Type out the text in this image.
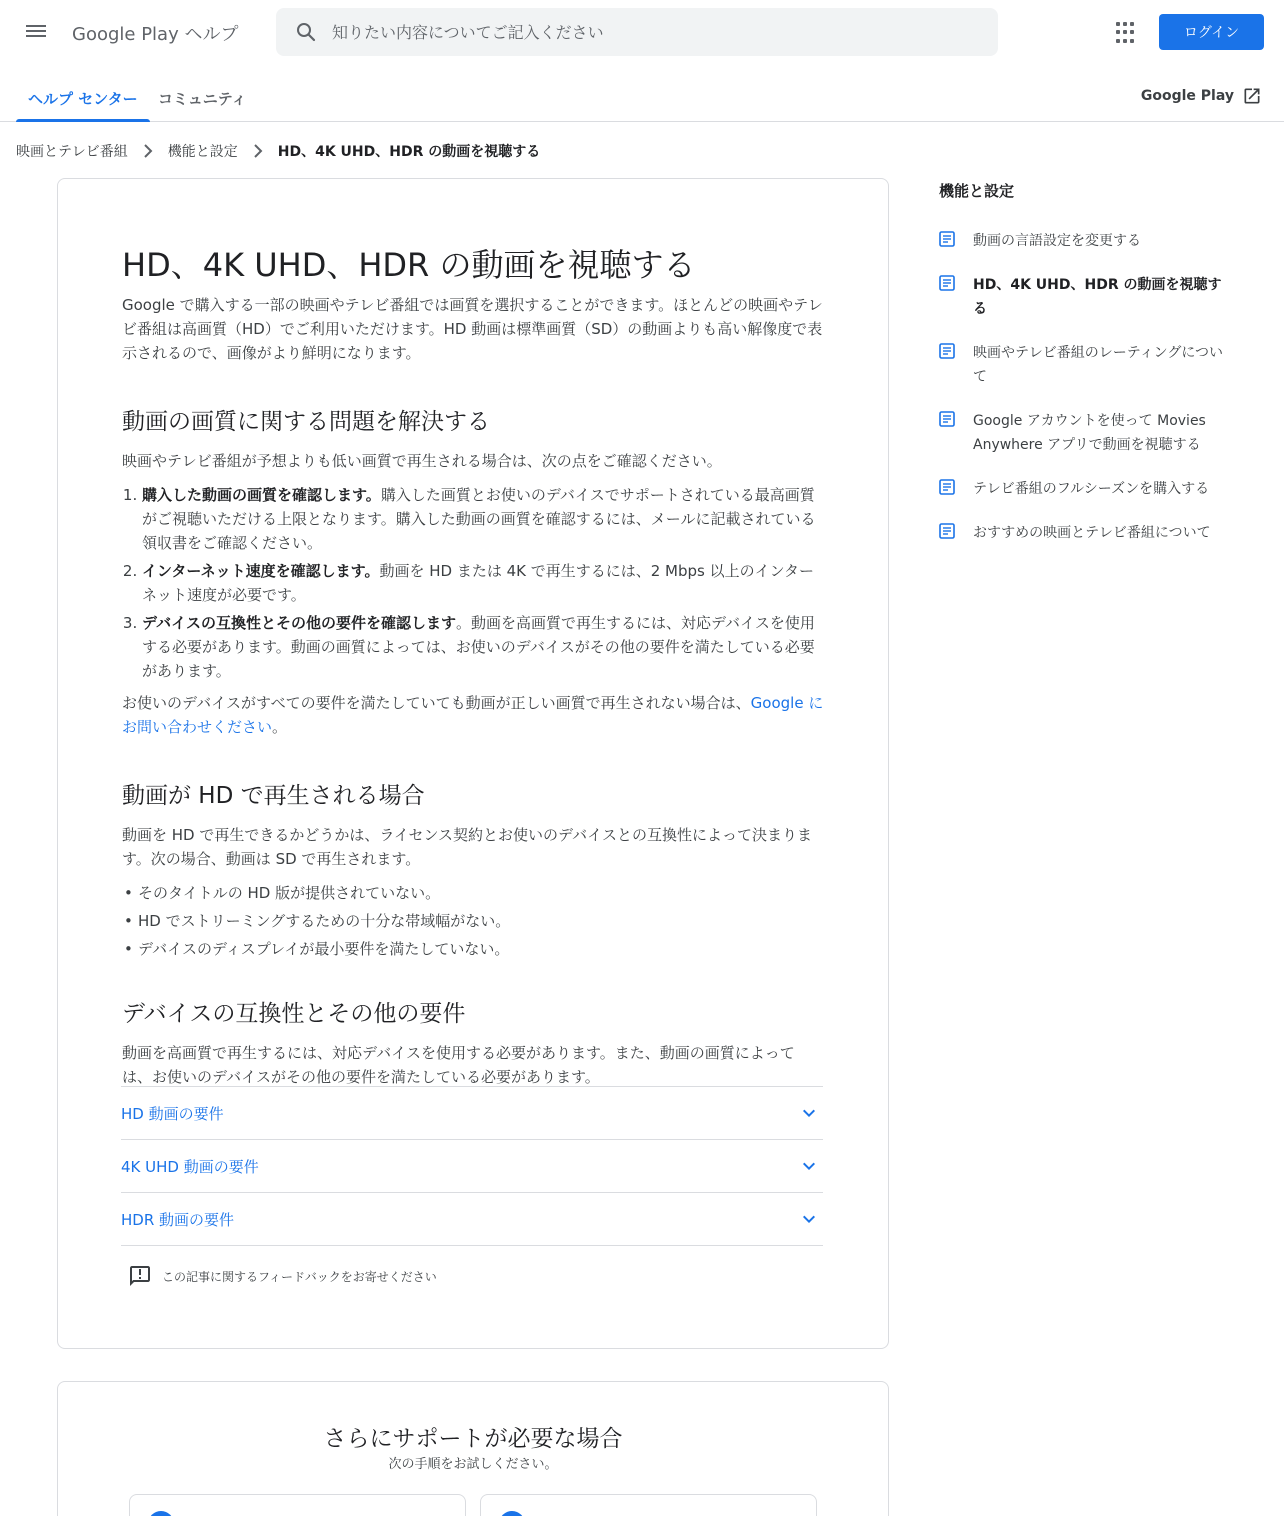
Google Play ヘルプ
知りたい内容についてご記入ください	ログイン
ヘルプ センター コミュニティ	Google Play
映画とテレビ番組	機能と設定	HD、4K UHD、HDR の動画を視聴する
HD、4K UHD、HDR の動画を視聴する

Google で購入する一部の映画やテレビ番組では画質を選択することができます。ほとんどの映画やテレビ番組は高画質（HD）でご利用いただけます。HD 動画は標準画質（SD）の動画よりも高い解像度で表示されるので、画像がより鮮明になります。

動画の画質に関する問題を解決する

映画やテレビ番組が予想よりも低い画質で再生される場合は、次の点をご確認ください。

1. 購入した動画の画質を確認します。購入した画質とお使いのデバイスでサポートされている最高画質がご視聴いただける上限となります。購入した動画の画質を確認するには、メールに記載されている領収書をご確認ください。
2. インターネット速度を確認します。動画を HD または 4K で再生するには、2 Mbps 以上のインターネット速度が必要です。
3. デバイスの互換性とその他の要件を確認します。動画を高画質で再生するには、対応デバイスを使用する必要があります。動画の画質によっては、お使いのデバイスがその他の要件を満たしている必要があります。

お使いのデバイスがすべての要件を満たしていても動画が正しい画質で再生されない場合は、Google にお問い合わせください。

動画が HD で再生される場合

動画を HD で再生できるかどうかは、ライセンス契約とお使いのデバイスとの互換性によって決まります。次の場合、動画は SD で再生されます。

• そのタイトルの HD 版が提供されていない。
• HD でストリーミングするための十分な帯域幅がない。
• デバイスのディスプレイが最小要件を満たしていない。
デバイスの互換性とその他の要件

動画を高画質で再生するには、対応デバイスを使用する必要があります。また、動画の画質によっては、お使いのデバイスがその他の要件を満たしている必要があります。

HD 動画の要件
4K UHD 動画の要件
HDR 動画の要件
この記事に関するフィードバックをお寄せください
さらにサポートが必要な場合
次の手順をお試しください。
機能と設定
動画の言語設定を変更する
HD、4K UHD、HDR の動画を視聴する
映画やテレビ番組のレーティングについて
Google アカウントを使って Movies Anywhere アプリで動画を視聴する
テレビ番組のフルシーズンを購入する
おすすめの映画とテレビ番組について
